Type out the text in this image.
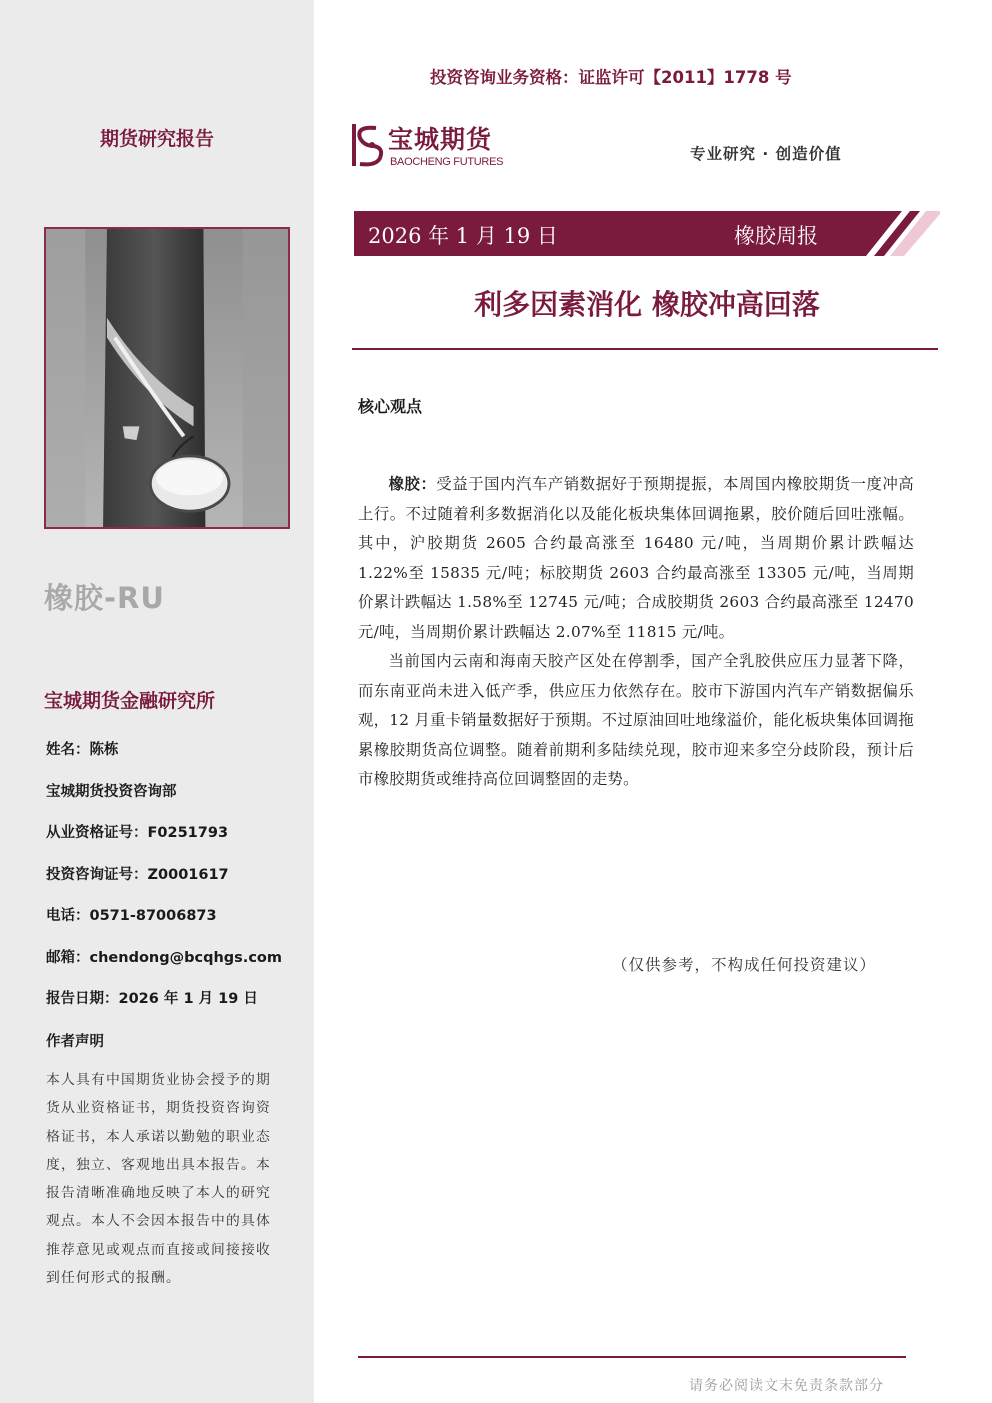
期货研究报告
橡胶-RU
宝城期货金融研究所
姓名：陈栋
宝城期货投资咨询部
从业资格证号：F0251793
投资咨询证号：Z0001617
电话：0571-87006873
邮箱：chendong@bcqhgs.com
报告日期：2026 年 1 月 19 日
作者声明
本人具有中国期货业协会授予的期货从业资格证书，期货投资咨询资格证书，本人承诺以勤勉的职业态度，独立、客观地出具本报告。本报告清晰准确地反映了本人的研究观点。本人不会因本报告中的具体推荐意见或观点而直接或间接接收到任何形式的报酬。
投资咨询业务资格：证监许可【2011】1778 号
宝城期货
BAOCHENG FUTURES	专业研究 · 创造价值
2026 年 1 月 19 日	橡胶周报
利多因素消化 橡胶冲高回落
核心观点

橡胶：受益于国内汽车产销数据好于预期提振，本周国内橡胶期货一度冲高上行。不过随着利多数据消化以及能化板块集体回调拖累，胶价随后回吐涨幅。其中，沪胶期货 2605 合约最高涨至 16480 元/吨，当周期价累计跌幅达 1.22%至 15835 元/吨；标胶期货 2603 合约最高涨至 13305 元/吨，当周期价累计跌幅达 1.58%至 12745 元/吨；合成胶期货 2603 合约最高涨至 12470 元/吨，当周期价累计跌幅达 2.07%至 11815 元/吨。

当前国内云南和海南天胶产区处在停割季，国产全乳胶供应压力显著下降，而东南亚尚未进入低产季，供应压力依然存在。胶市下游国内汽车产销数据偏乐观，12 月重卡销量数据好于预期。不过原油回吐地缘溢价，能化板块集体回调拖累橡胶期货高位调整。随着前期利多陆续兑现，胶市迎来多空分歧阶段，预计后市橡胶期货或维持高位回调整固的走势。

（仅供参考，不构成任何投资建议）
请务必阅读文末免责条款部分
